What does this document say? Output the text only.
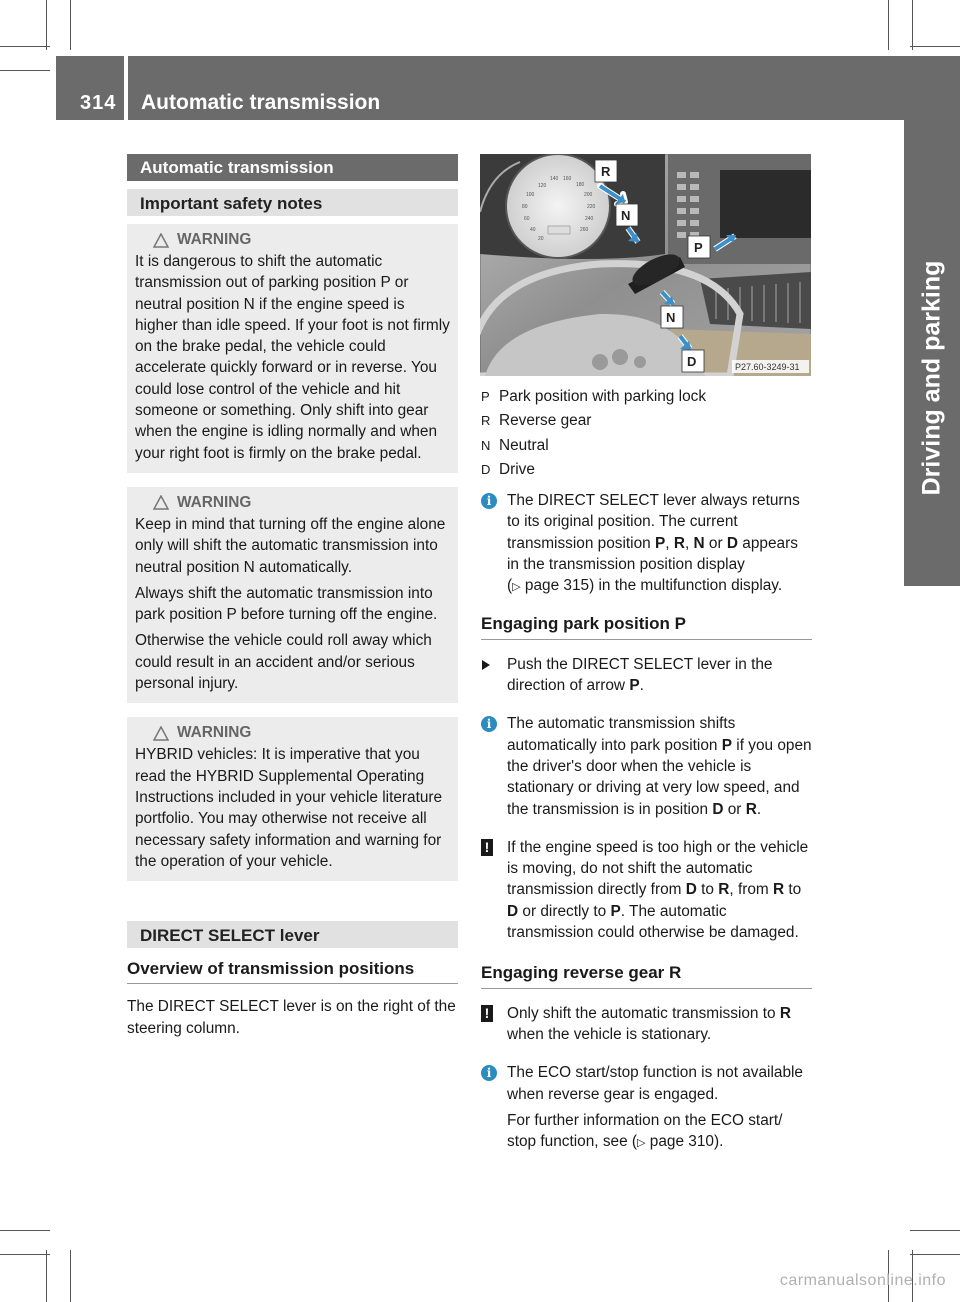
314 Automatic transmission
Driving and parking
Automatic transmission
Important safety notes
WARNING

It is dangerous to shift the automatic transmission out of parking position P or neutral position N if the engine speed is higher than idle speed. If your foot is not firmly on the brake pedal, the vehicle could accelerate quickly forward or in reverse. You could lose control of the vehicle and hit someone or something. Only shift into gear when the engine is idling normally and when your right foot is firmly on the brake pedal.

WARNING

Keep in mind that turning off the engine alone only will shift the automatic transmission into neutral position N automatically.

Always shift the automatic transmission into park position P before turning off the engine.

Otherwise the vehicle could roll away which could result in an accident and/or serious personal injury.

WARNING

HYBRID vehicles: It is imperative that you read the HYBRID Supplemental Operating Instructions included in your vehicle literature portfolio. You may otherwise not receive all necessary safety information and warning for the operation of your vehicle.

DIRECT SELECT lever
Overview of transmission positions

The DIRECT SELECT lever is on the right of the steering column.

120
140 160
180
200
220
240
260
100
80
60
40
20
R
N
P
N
D	P27.60-3249-31
P Park position with parking lock
R Reverse gear
N Neutral
D Drive
i	The DIRECT SELECT lever always returns to its original position. The current transmission position P, R, N or D appears in the transmission position display
(▷ page 315) in the multifunction display.

Engaging park position P

Push the DIRECT SELECT lever in the direction of arrow P.

i	The automatic transmission shifts automatically into park position P if you open the driver's door when the vehicle is stationary or driving at very low speed, and the transmission is in position D or R.

!	If the engine speed is too high or the vehicle is moving, do not shift the automatic transmission directly from D to R, from R to D or directly to P. The automatic transmission could otherwise be damaged.

Engaging reverse gear R
!	Only shift the automatic transmission to R when the vehicle is stationary.

i	The ECO start/stop function is not available when reverse gear is engaged.

For further information on the ECO start/ stop function, see (▷ page 310).

carmanualsonline.info
